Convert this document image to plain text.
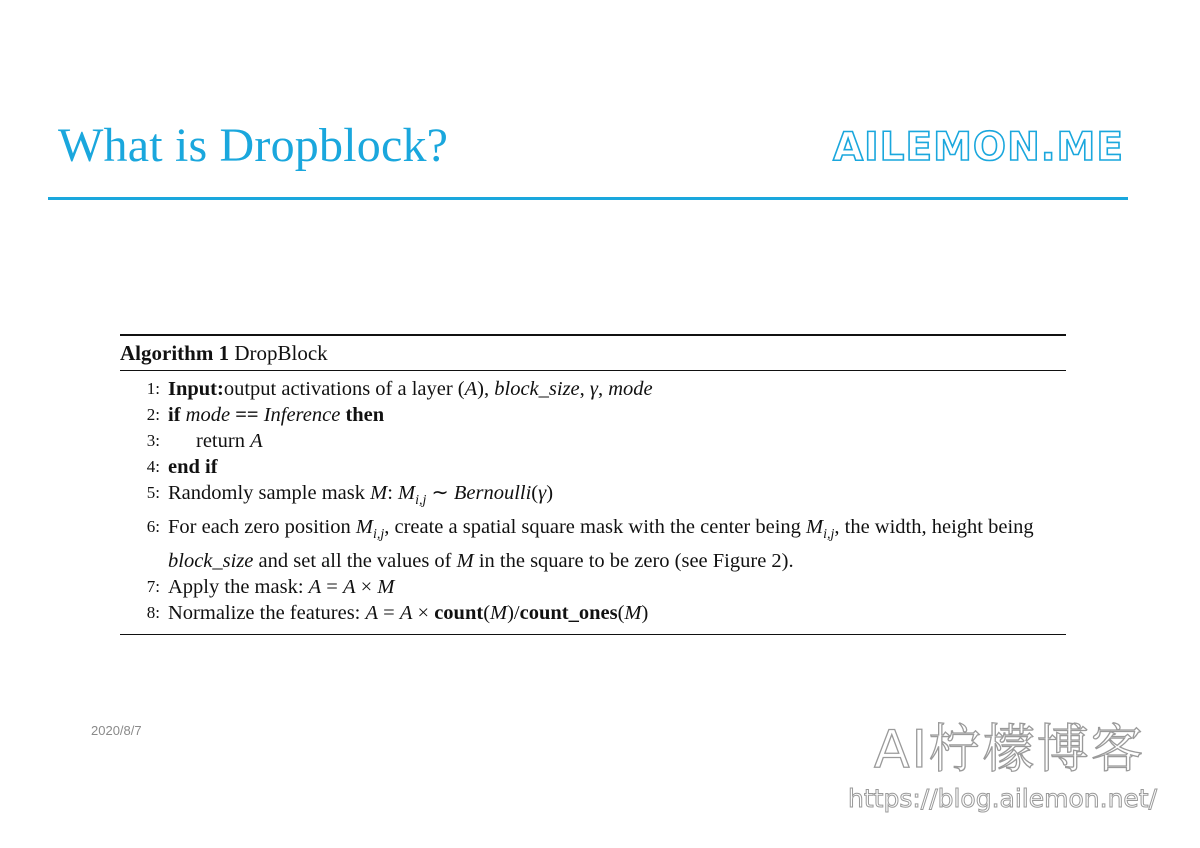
What is Dropblock?	AILEMON.ME
Algorithm 1 DropBlock
1: Input:output activations of a layer (A), block_size, γ, mode
2: if mode == Inference then
3:	return A
4: end if
5: Randomly sample mask M: $M_{i,j}$ ∼ Bernoulli(γ)
6: For each zero position $M_{i,j}$, create a spatial square mask with the center being $M_{i,j}$, the width, height being block_size and set all the values of M in the square to be zero (see Figure 2).
7: Apply the mask: A = A × M
8: Normalize the features: A = A × count(M)/count_ones(M)
2020/8/7	AI柠檬博客
https://blog.ailemon.net/
